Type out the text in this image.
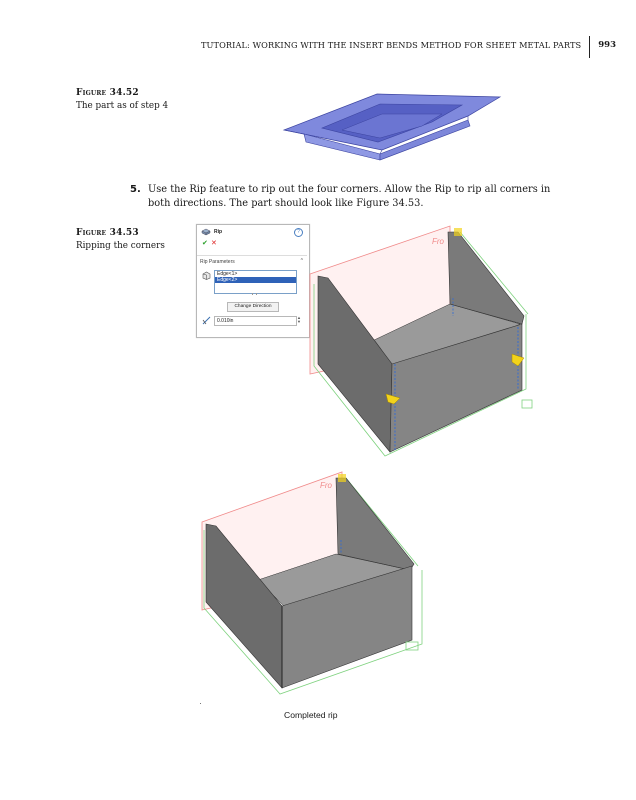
TUTORIAL: WORKING WITH THE INSERT BENDS METHOD FOR SHEET METAL PARTS 993
Figure 34.52
The part as of step 4
5. Use the Rip feature to rip out the four corners. Allow the Rip to rip all corners in both directions. The part should look like Figure 34.53.
Figure 34.53
Ripping the corners
Rip	?
✔ ✕
Rip Parameters	^
Edge<1>
Edge<2>
Change Direction
0.010in
▲
▼
Fro
Fro
Completed rip
